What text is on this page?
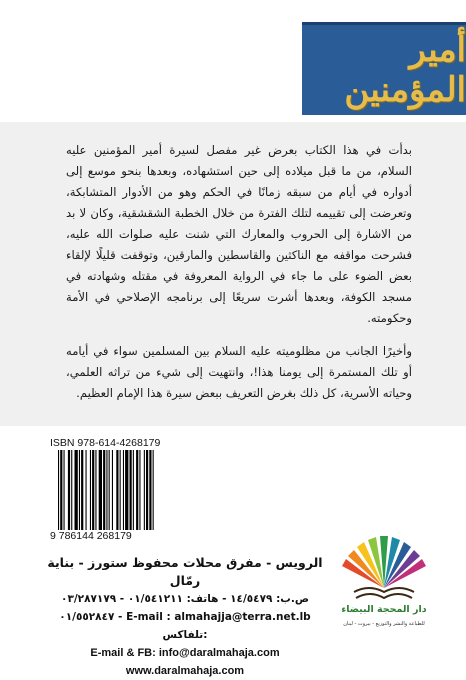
أمير المؤمنين

بدأت في هذا الكتاب بعرض غير مفصل لسيرة أمير المؤمنين عليه السلام، من ما قبل ميلاده إلى حين استشهاده، وبعدها بنحو موسع إلى أدواره في أيام من سبقه زمانًا في الحكم وهو من الأدوار المتشابكة، وتعرضت إلى تقييمه لتلك الفترة من خلال الخطبة الشقشقية، وكان لا بد من الاشارة إلى الحروب والمعارك التي شنت عليه صلوات الله عليه، فشرحت مواقفه مع الناكثين والقاسطين والمارقين، وتوقفت قليلًا لإلقاء بعض الضوء على ما جاء في الرواية المعروفة في مقتله وشهادته في مسجد الكوفة، وبعدها أشرت سريعًا إلى برنامجه الإصلاحي في الأمة وحكومته.

وأخيرًا الجانب من مظلوميته عليه السلام بين المسلمين سواء في أيامه أو تلك المستمرة إلى يومنا هذا!، وانتهيت إلى شيء من تراثه العلمي، وحياته الأسرية، كل ذلك بغرض التعريف ببعض سيرة هذا الإمام العظيم.

ISBN 978-614-4268179
9 786144 268179
دار المحجة البيضاء
للطباعة والنشر والتوزيع - بيروت - لبنان
الرويس - مفرق محلات محفوظ ستورز - بناية رمّال
ص.ب: ١٤/٥٤٧٩ - هاتف: ٠١/٥٤١٢١١ - ٠٣/٢٨٧١٧٩
E-mail : almahajja@terra.net.lb - ٠١/٥٥٢٨٤٧ :تلفاكس
E-mail & FB: info@daralmahaja.com
www.daralmahaja.com
